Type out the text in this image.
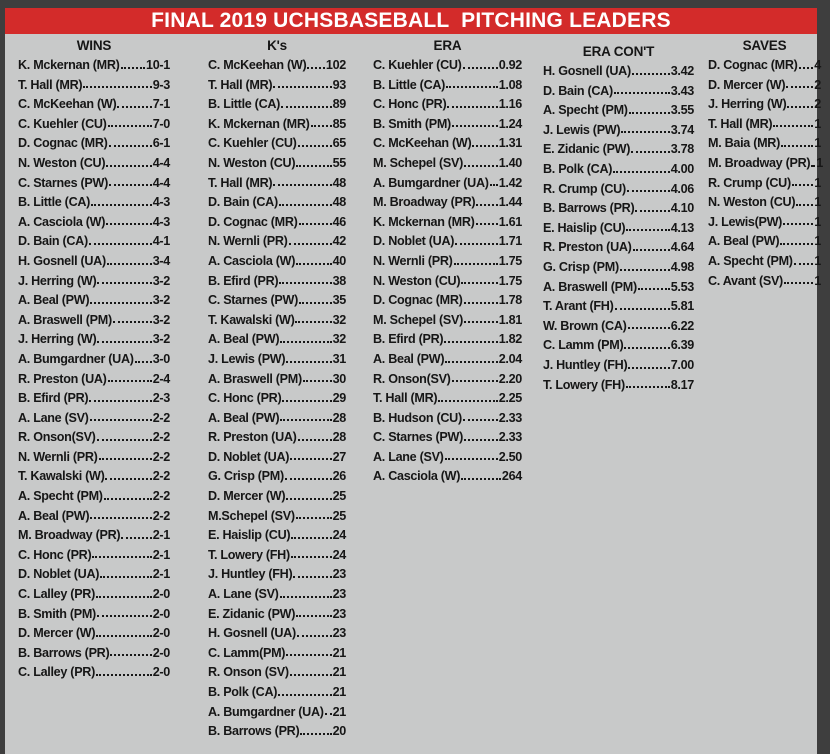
FINAL 2019 UCHSBASEBALL  PITCHING LEADERS
WINS
K. Mckernan (MR) 10-1
T. Hall (MR)	9-3
C. McKeehan (W)	7-1
C. Kuehler (CU)	7-0
D. Cognac (MR)	6-1
N. Weston (CU)	4-4
C. Starnes (PW)	4-4
B. Little (CA)	4-3
A. Casciola (W)	4-3
D. Bain (CA)	4-1
H. Gosnell (UA)	3-4
J. Herring (W)	3-2
A. Beal (PW)	3-2
A. Braswell (PM)	3-2
J. Herring (W)	3-2
A. Bumgardner (UA) 3-0
R. Preston (UA)	2-4
B. Efird (PR)	2-3
A. Lane (SV)	2-2
R. Onson(SV)	2-2
N. Wernli (PR)	2-2
T. Kawalski (W)	2-2
A. Specht (PM)	2-2
A. Beal (PW)	2-2
M. Broadway (PR)	2-1
C. Honc (PR)	2-1
D. Noblet (UA)	2-1
C. Lalley (PR)	2-0
B. Smith (PM)	2-0
D. Mercer (W)	2-0
B. Barrows (PR)	2-0
C. Lalley (PR)	2-0
K's
C. McKeehan (W) 102
T. Hall (MR)	93
B. Little (CA)	89
K. Mckernan (MR) 85
C. Kuehler (CU)	65
N. Weston (CU)	55
T. Hall (MR)	48
D. Bain (CA)	48
D. Cognac (MR)	46
N. Wernli (PR)	42
A. Casciola (W)	40
B. Efird (PR)	38
C. Starnes (PW)	35
T. Kawalski (W)	32
A. Beal (PW)	32
J. Lewis (PW)	31
A. Braswell (PM) 30
C. Honc (PR)	29
A. Beal (PW)	28
R. Preston (UA)	28
D. Noblet (UA)	27
G. Crisp (PM)	26
D. Mercer (W)	25
M.Schepel (SV)	25
E. Haislip (CU)	24
T. Lowery (FH)	24
J. Huntley (FH)	23
A. Lane (SV)	23
E. Zidanic (PW)	23
H. Gosnell (UA)	23
C. Lamm(PM)	21
R. Onson (SV)	21
B. Polk (CA)	21
A. Bumgardner (UA) 21
B. Barrows (PR)	20
ERA
C. Kuehler (CU)	0.92
B. Little (CA)	1.08
C. Honc (PR)	1.16
B. Smith (PM)	1.24
C. McKeehan (W) 1.31
M. Schepel (SV)	1.40
A. Bumgardner (UA) 1.42
M. Broadway (PR) 1.44
K. Mckernan (MR) 1.61
D. Noblet (UA)	1.71
N. Wernli (PR)	1.75
N. Weston (CU)	1.75
D. Cognac (MR)	1.78
M. Schepel (SV)	1.81
B. Efird (PR)	1.82
A. Beal (PW)	2.04
R. Onson(SV)	2.20
T. Hall (MR)	2.25
B. Hudson (CU)	2.33
C. Starnes (PW)	2.33
A. Lane (SV)	2.50
A. Casciola (W)	264
ERA CON'T
H. Gosnell (UA)	3.42
D. Bain (CA)	3.43
A. Specht (PM)	3.55
J. Lewis (PW)	3.74
E. Zidanic (PW)	3.78
B. Polk (CA)	4.00
R. Crump (CU)	4.06
B. Barrows (PR)	4.10
E. Haislip (CU)	4.13
R. Preston (UA)	4.64
G. Crisp (PM)	4.98
A. Braswell (PM)	5.53
T. Arant (FH)	5.81
W. Brown (CA)	6.22
C. Lamm (PM)	6.39
J. Huntley (FH)	7.00
T. Lowery (FH)	8.17
SAVES
D. Cognac (MR) 4
D. Mercer (W) 2
J. Herring (W) 2
T. Hall (MR)	1
M. Baia (MR)	1
M. Broadway (PR) 1
R. Crump (CU) 1
N. Weston (CU) 1
J. Lewis(PW)	1
A. Beal (PW)	1
A. Specht (PM) 1
C. Avant (SV) 1
